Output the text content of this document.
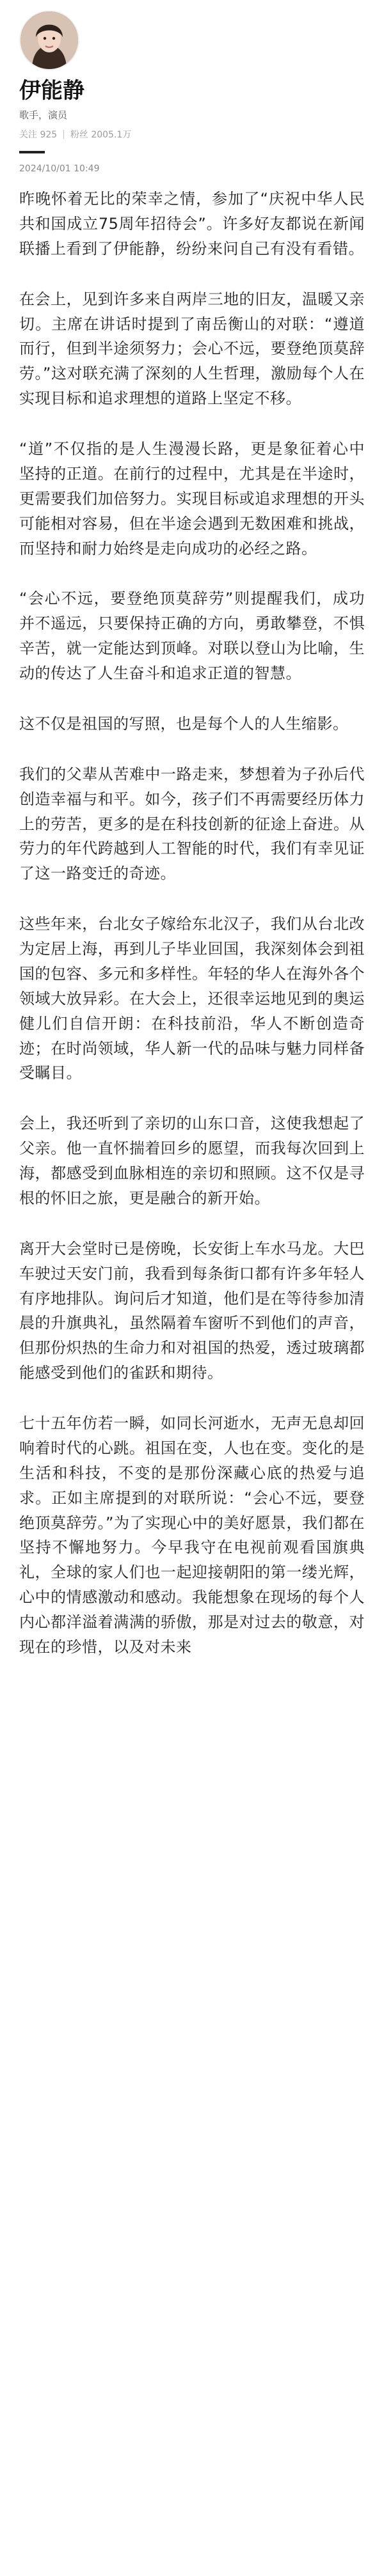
伊能静
歌手，演员
关注 925 | 粉丝 2005.1万
2024/10/01 10:49

昨晚怀着无比的荣幸之情，参加了“庆祝中华人民共和国成立75周年招待会”。许多好友都说在新闻联播上看到了伊能静，纷纷来问自己有没有看错。

在会上，见到许多来自两岸三地的旧友，温暖又亲切。主席在讲话时提到了南岳衡山的对联：“遵道而行，但到半途须努力；会心不远，要登绝顶莫辞劳。”这对联充满了深刻的人生哲理，激励每个人在实现目标和追求理想的道路上坚定不移。

“道”不仅指的是人生漫漫长路，更是象征着心中坚持的正道。在前行的过程中，尤其是在半途时，更需要我们加倍努力。实现目标或追求理想的开头可能相对容易，但在半途会遇到无数困难和挑战，而坚持和耐力始终是走向成功的必经之路。

“会心不远，要登绝顶莫辞劳”则提醒我们，成功并不遥远，只要保持正确的方向，勇敢攀登，不惧辛苦，就一定能达到顶峰。对联以登山为比喻，生动的传达了人生奋斗和追求正道的智慧。

这不仅是祖国的写照，也是每个人的人生缩影。

我们的父辈从苦难中一路走来，梦想着为子孙后代创造幸福与和平。如今，孩子们不再需要经历体力上的劳苦，更多的是在科技创新的征途上奋进。从劳力的年代跨越到人工智能的时代，我们有幸见证了这一路变迁的奇迹。

这些年来，台北女子嫁给东北汉子，我们从台北改为定居上海，再到儿子毕业回国，我深刻体会到祖国的包容、多元和多样性。年轻的华人在海外各个领域大放异彩。在大会上，还很幸运地见到的奥运健儿们自信开朗：在科技前沿，华人不断创造奇迹；在时尚领域，华人新一代的品味与魅力同样备受瞩目。

会上，我还听到了亲切的山东口音，这使我想起了父亲。他一直怀揣着回乡的愿望，而我每次回到上海，都感受到血脉相连的亲切和照顾。这不仅是寻根的怀旧之旅，更是融合的新开始。

离开大会堂时已是傍晚，长安街上车水马龙。大巴车驶过天安门前，我看到每条街口都有许多年轻人有序地排队。询问后才知道，他们是在等待参加清晨的升旗典礼，虽然隔着车窗听不到他们的声音，但那份炽热的生命力和对祖国的热爱，透过玻璃都能感受到他们的雀跃和期待。

七十五年仿若一瞬，如同长河逝水，无声无息却回响着时代的心跳。祖国在变，人也在变。变化的是生活和科技，不变的是那份深藏心底的热爱与追求。正如主席提到的对联所说：“会心不远，要登绝顶莫辞劳。”为了实现心中的美好愿景，我们都在坚持不懈地努力。今早我守在电视前观看国旗典礼，全球的家人们也一起迎接朝阳的第一缕光辉，心中的情感激动和感动。我能想象在现场的每个人内心都洋溢着满满的骄傲，那是对过去的敬意，对现在的珍惜，以及对未来
